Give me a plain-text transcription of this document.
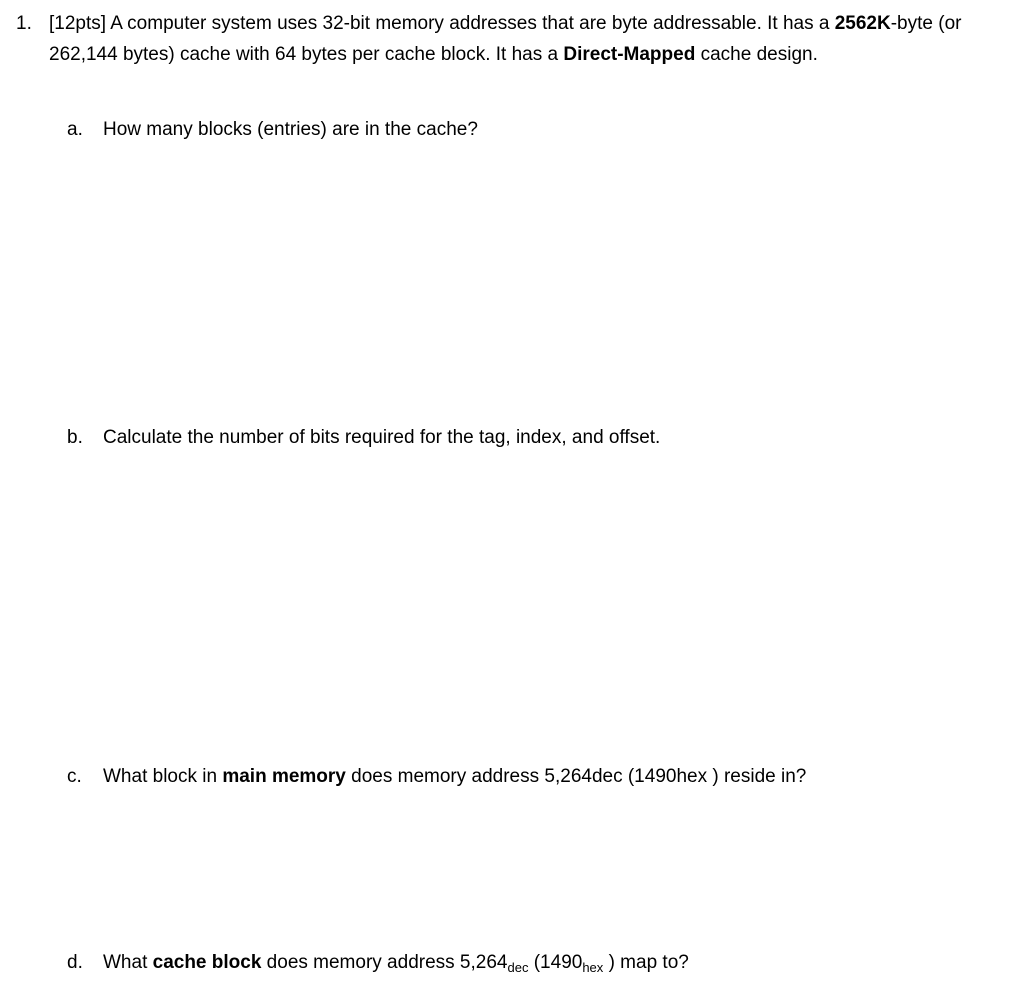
1. [12pts] A computer system uses 32-bit memory addresses that are byte addressable. It has a 2562K-byte (or
262,144 bytes) cache with 64 bytes per cache block. It has a Direct-Mapped cache design.
a. How many blocks (entries) are in the cache?
b. Calculate the number of bits required for the tag, index, and offset.
c. What block in main memory does memory address 5,264dec (1490hex ) reside in?
d. What cache block does memory address $5,264_{dec}$ ($1490_{hex}$ ) map to?
